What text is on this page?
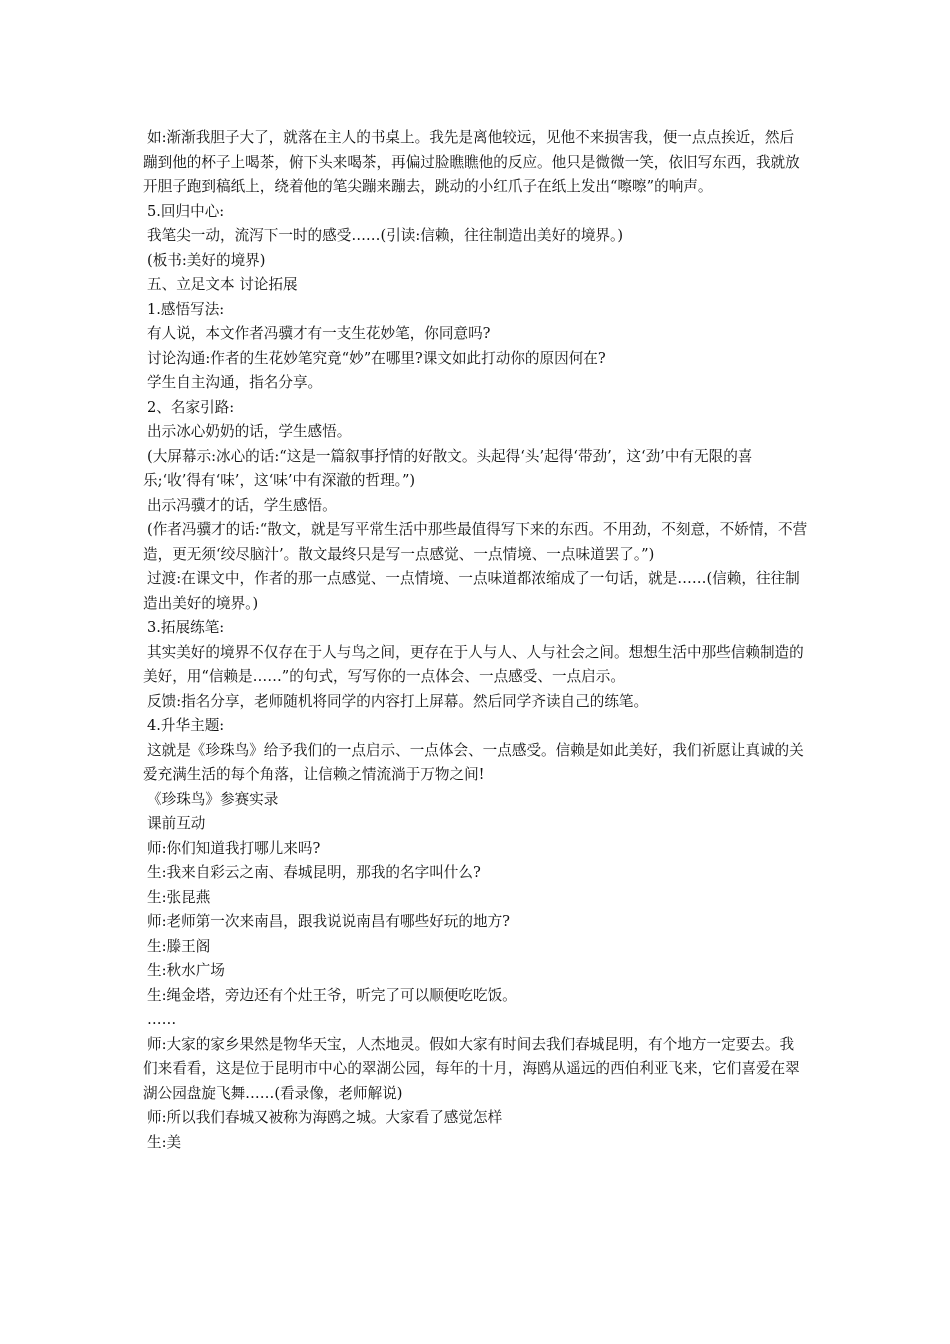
如:渐渐我胆子大了，就落在主人的书桌上。我先是离他较远，见他不来损害我，便一点点挨近，然后蹦到他的杯子上喝茶，俯下头来喝茶，再偏过脸瞧瞧他的反应。他只是微微一笑，依旧写东西，我就放开胆子跑到稿纸上，绕着他的笔尖蹦来蹦去，跳动的小红爪子在纸上发出“嚓嚓”的响声。

5.回归中心:

我笔尖一动，流泻下一时的感受……(引读:信赖，往往制造出美好的境界。)

(板书:美好的境界)

五、立足文本 讨论拓展

1.感悟写法:

有人说，本文作者冯骥才有一支生花妙笔，你同意吗?

讨论沟通:作者的生花妙笔究竟“妙”在哪里?课文如此打动你的原因何在?

学生自主沟通，指名分享。

2、名家引路:

出示冰心奶奶的话，学生感悟。

(大屏幕示:冰心的话:“这是一篇叙事抒情的好散文。头起得‘头’起得‘带劲’，这‘劲’中有无限的喜乐;‘收’得有‘味’，这‘味’中有深澈的哲理。”)

出示冯骥才的话，学生感悟。

(作者冯骥才的话:“散文，就是写平常生活中那些最值得写下来的东西。不用劲，不刻意，不娇情，不营造，更无须‘绞尽脑汁’。散文最终只是写一点感觉、一点情境、一点味道罢了。”)

过渡:在课文中，作者的那一点感觉、一点情境、一点味道都浓缩成了一句话，就是……(信赖，往往制造出美好的境界。)

3.拓展练笔:

其实美好的境界不仅存在于人与鸟之间，更存在于人与人、人与社会之间。想想生活中那些信赖制造的美好，用“信赖是……”的句式，写写你的一点体会、一点感受、一点启示。

反馈:指名分享，老师随机将同学的内容打上屏幕。然后同学齐读自己的练笔。

4.升华主题:

这就是《珍珠鸟》给予我们的一点启示、一点体会、一点感受。信赖是如此美好，我们祈愿让真诚的关爱充满生活的每个角落，让信赖之情流淌于万物之间!

《珍珠鸟》参赛实录

课前互动

师:你们知道我打哪儿来吗?

生:我来自彩云之南、春城昆明，那我的名字叫什么?

生:张昆燕

师:老师第一次来南昌，跟我说说南昌有哪些好玩的地方?

生:滕王阁

生:秋水广场

生:绳金塔，旁边还有个灶王爷，听完了可以顺便吃吃饭。

……

师:大家的家乡果然是物华天宝，人杰地灵。假如大家有时间去我们春城昆明，有个地方一定要去。我们来看看，这是位于昆明市中心的翠湖公园，每年的十月，海鸥从遥远的西伯利亚飞来，它们喜爱在翠湖公园盘旋飞舞……(看录像，老师解说)

师:所以我们春城又被称为海鸥之城。大家看了感觉怎样

生:美
